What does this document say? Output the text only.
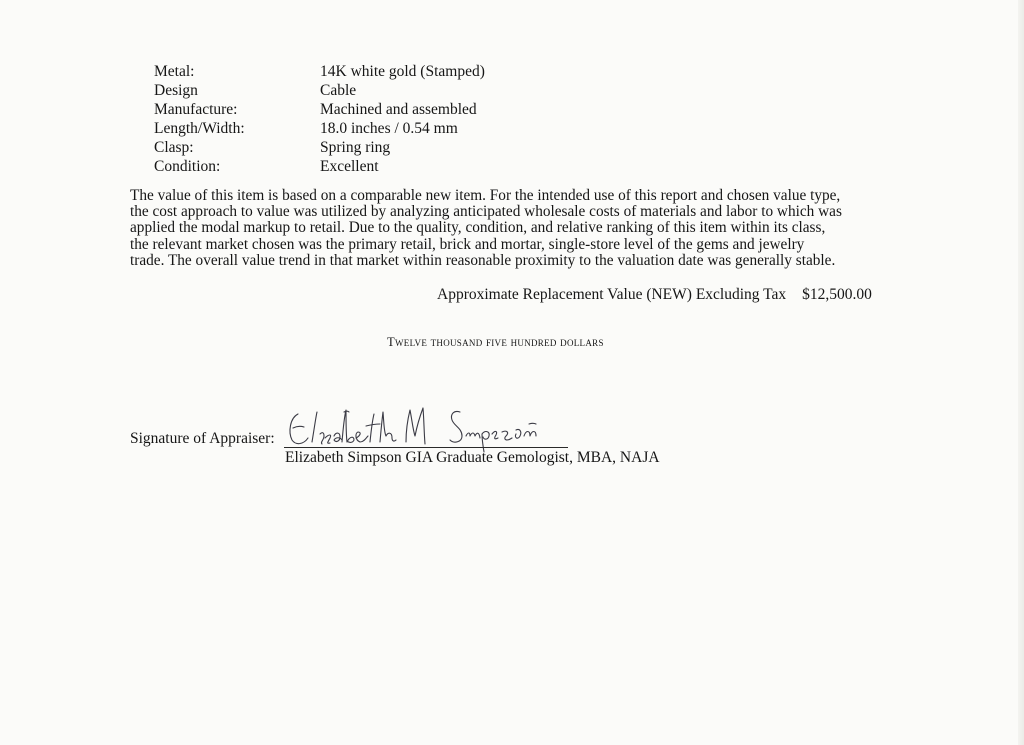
Metal:	14K white gold (Stamped)
Design	Cable
Manufacture:	Machined and assembled
Length/Width:	18.0 inches / 0.54 mm
Clasp:	Spring ring
Condition:	Excellent
The value of this item is based on a comparable new item. For the intended use of this report and chosen value type,
the cost approach to value was utilized by analyzing anticipated wholesale costs of materials and labor to which was
applied the modal markup to retail. Due to the quality, condition, and relative ranking of this item within its class,
the relevant market chosen was the primary retail, brick and mortar, single-store level of the gems and jewelry
trade. The overall value trend in that market within reasonable proximity to the valuation date was generally stable.
Approximate Replacement Value (NEW) Excluding Tax $12,500.00
Twelve thousand five hundred dollars
Signature of Appraiser:
Elizabeth Simpson GIA Graduate Gemologist, MBA, NAJA
